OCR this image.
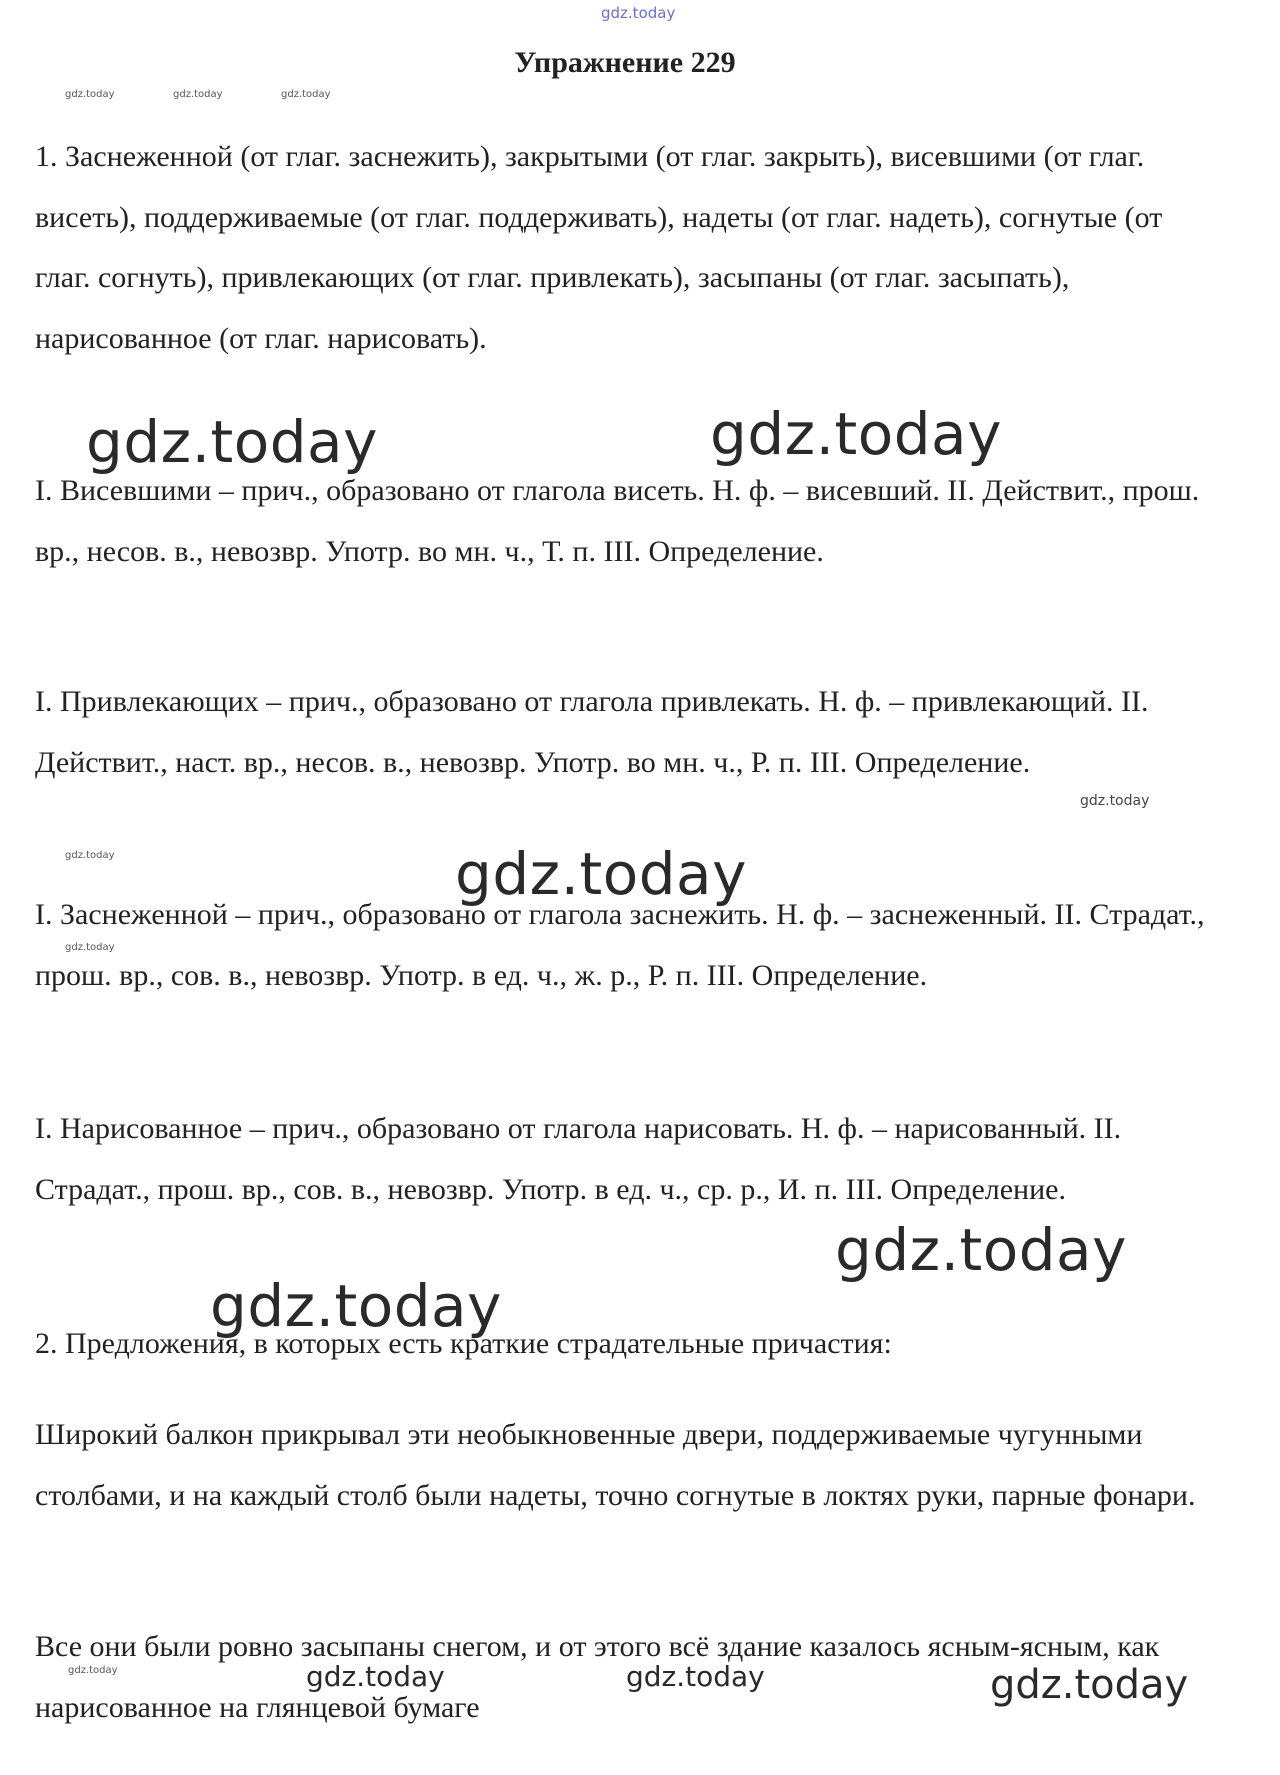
gdz.today
gdz.today	gdz.today	gdz.today
Упражнение 229

1. Заснеженной (от глаг. заснежить), закрытыми (от глаг. закрыть), висевшими (от глаг. висеть), поддерживаемые (от глаг. поддерживать), надеты (от глаг. надеть), согнутые (от глаг. согнуть), привлекающих (от глаг. привлекать), засыпаны (от глаг. засыпать), нарисованное (от глаг. нарисовать).

I. Висевшими – прич., образовано от глагола висеть. Н. ф. – висевший. II. Действит., прош. вр., несов. в., невозвр. Употр. во мн. ч., Т. п. III. Определение.

I. Привлекающих – прич., образовано от глагола привлекать. Н. ф. – привлекающий. II. Действит., наст. вр., несов. в., невозвр. Употр. во мн. ч., Р. п. III. Определение.

I. Заснеженной – прич., образовано от глагола заснежить. Н. ф. – заснеженный. II. Страдат., прош. вр., сов. в., невозвр. Употр. в ед. ч., ж. р., Р. п. III. Определение.

I. Нарисованное – прич., образовано от глагола нарисовать. Н. ф. – нарисованный. II. Страдат., прош. вр., сов. в., невозвр. Употр. в ед. ч., ср. р., И. п. III. Определение.

2. Предложения, в которых есть краткие страдательные причастия:

Широкий балкон прикрывал эти необыкновенные двери, поддерживаемые чугунными столбами, и на каждый столб были надеты, точно согнутые в локтях руки, парные фонари.

Все они были ровно засыпаны снегом, и от этого всё здание казалось ясным-ясным, как нарисованное на глянцевой бумаге

gdz.today	gdz.today
gdz.today
gdz.today	gdz.today
gdz.today
gdz.today
gdz.today
gdz.today	gdz.today	gdz.today	gdz.today
